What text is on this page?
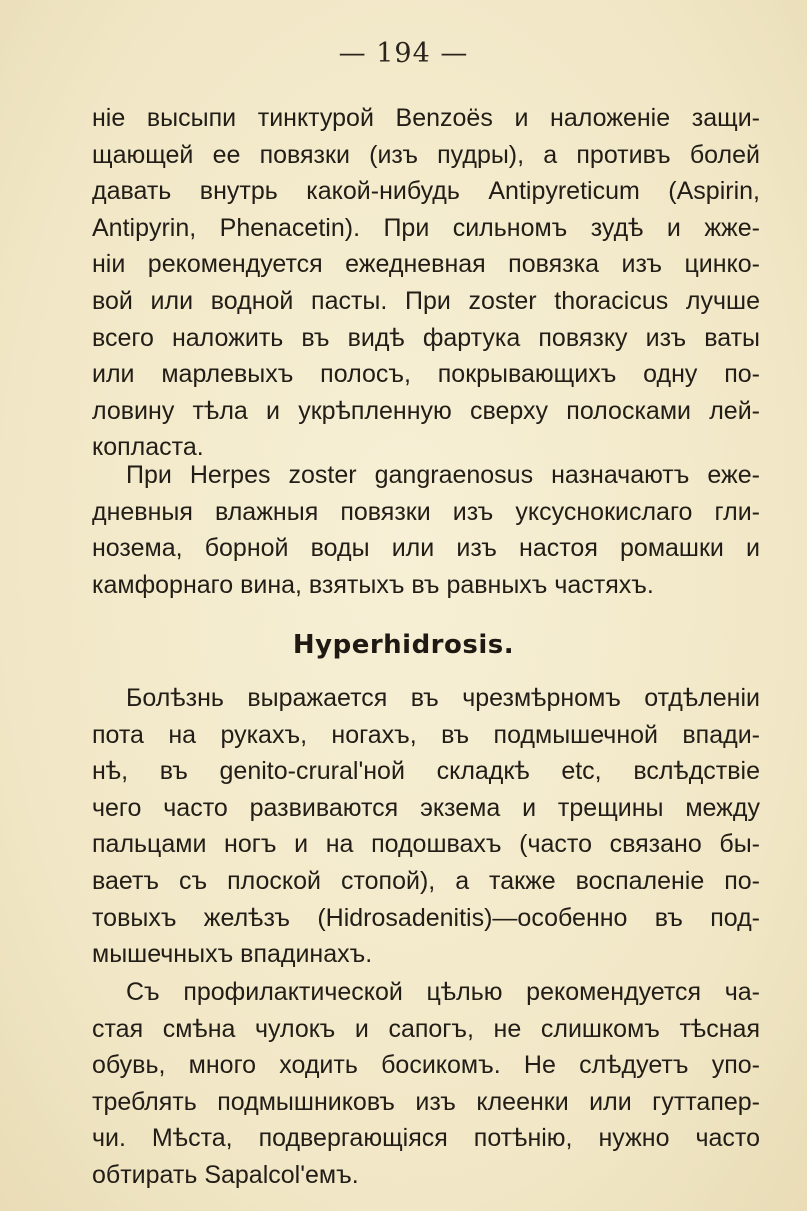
— 194 —
ніе высыпи тинктурой Benzoës и наложеніе защи-
щающей ее повязки (изъ пудры), а противъ болей
давать внутрь какой-нибудь Antipyreticum (Aspirin,
Antipyrin, Phenacetin). При сильномъ зудѣ и жже-
ніи рекомендуется ежедневная повязка изъ цинко-
вой или водной пасты. При zoster thoracicus лучше
всего наложить въ видѣ фартука повязку изъ ваты
или марлевыхъ полосъ, покрывающихъ одну по-
ловину тѣла и укрѣпленную сверху полосками лей-
копласта.
При Herpes zoster gangraenosus назначаютъ еже-
дневныя влажныя повязки изъ уксуснокислаго гли-
нозема, борной воды или изъ настоя ромашки и
камфорнаго вина, взятыхъ въ равныхъ частяхъ.
Hyperhidrosis.
Болѣзнь выражается въ чрезмѣрномъ отдѣленіи
пота на рукахъ, ногахъ, въ подмышечной впади-
нѣ, въ genito-crural'ной складкѣ etc, вслѣдствіе
чего часто развиваются экзема и трещины между
пальцами ногъ и на подошвахъ (часто связано бы-
ваетъ съ плоской стопой), а также воспаленіе по-
товыхъ желѣзъ (Hidrosadenitis)—особенно въ под-
мышечныхъ впадинахъ.
Съ профилактической цѣлью рекомендуется ча-
стая смѣна чулокъ и сапогъ, не слишкомъ тѣсная
обувь, много ходить босикомъ. Не слѣдуетъ упо-
треблять подмышниковъ изъ клеенки или гуттапер-
чи. Мѣста, подвергающіяся потѣнію, нужно часто
обтирать Sapalcol'емъ.
